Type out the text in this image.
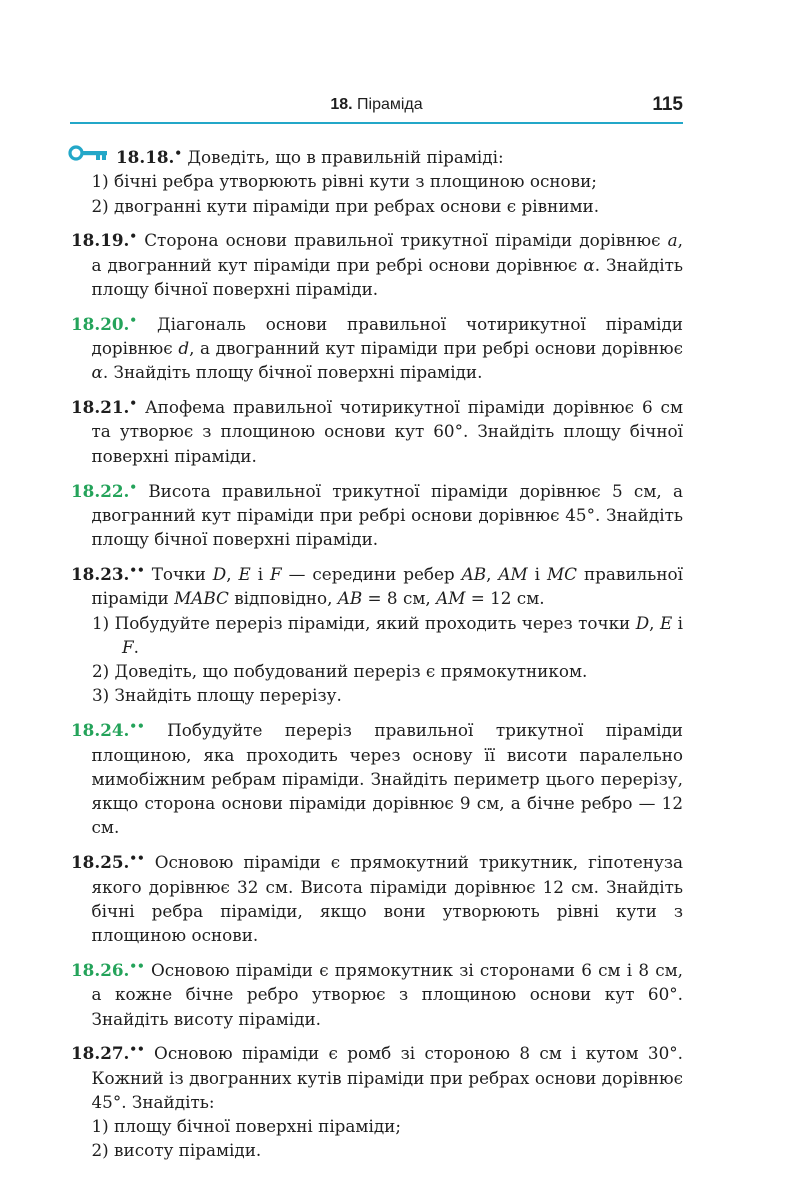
18. Піраміда	115

18.18.• Доведіть, що в правильній піраміді:

1) бічні ребра утворюють рівні кути з площиною основи;

2) двогранні кути піраміди при ребрах основи є рівними.

18.19.• Сторона основи правильної трикутної піраміди дорівнює a, а двогранний кут піраміди при ребрі основи дорівнює α. Знайдіть площу бічної поверхні піраміди.

18.20.• Діагональ основи правильної чотирикутної піраміди дорівнює d, а двогранний кут піраміди при ребрі основи дорівнює α. Знайдіть площу бічної поверхні піраміди.

18.21.• Апофема правильної чотирикутної піраміди дорівнює 6 см та утворює з площиною основи кут 60°. Знайдіть площу бічної поверхні піраміди.

18.22.• Висота правильної трикутної піраміди дорівнює 5 см, а двогранний кут піраміди при ребрі основи дорівнює 45°. Знайдіть площу бічної поверхні піраміди.

18.23.•• Точки D, E і F — середини ребер AB, AM і MC правильної піраміди MABC відповідно, AB = 8 см, AM = 12 см.

1) Побудуйте переріз піраміди, який проходить через точки D, E і F.

2) Доведіть, що побудований переріз є прямокутником.

3) Знайдіть площу перерізу.

18.24.•• Побудуйте переріз правильної трикутної піраміди площиною, яка проходить через основу її висоти паралельно мимобіжним ребрам піраміди. Знайдіть периметр цього перерізу, якщо сторона основи піраміди дорівнює 9 см, а бічне ребро — 12 см.

18.25.•• Основою піраміди є прямокутний трикутник, гіпотенуза якого дорівнює 32 см. Висота піраміди дорівнює 12 см. Знайдіть бічні ребра піраміди, якщо вони утворюють рівні кути з площиною основи.

18.26.•• Основою піраміди є прямокутник зі сторонами 6 см і 8 см, а кожне бічне ребро утворює з площиною основи кут 60°. Знайдіть висоту піраміди.

18.27.•• Основою піраміди є ромб зі стороною 8 см і кутом 30°. Кожний із двогранних кутів піраміди при ребрах основи дорівнює 45°. Знайдіть:

1) площу бічної поверхні піраміди;

2) висоту піраміди.
